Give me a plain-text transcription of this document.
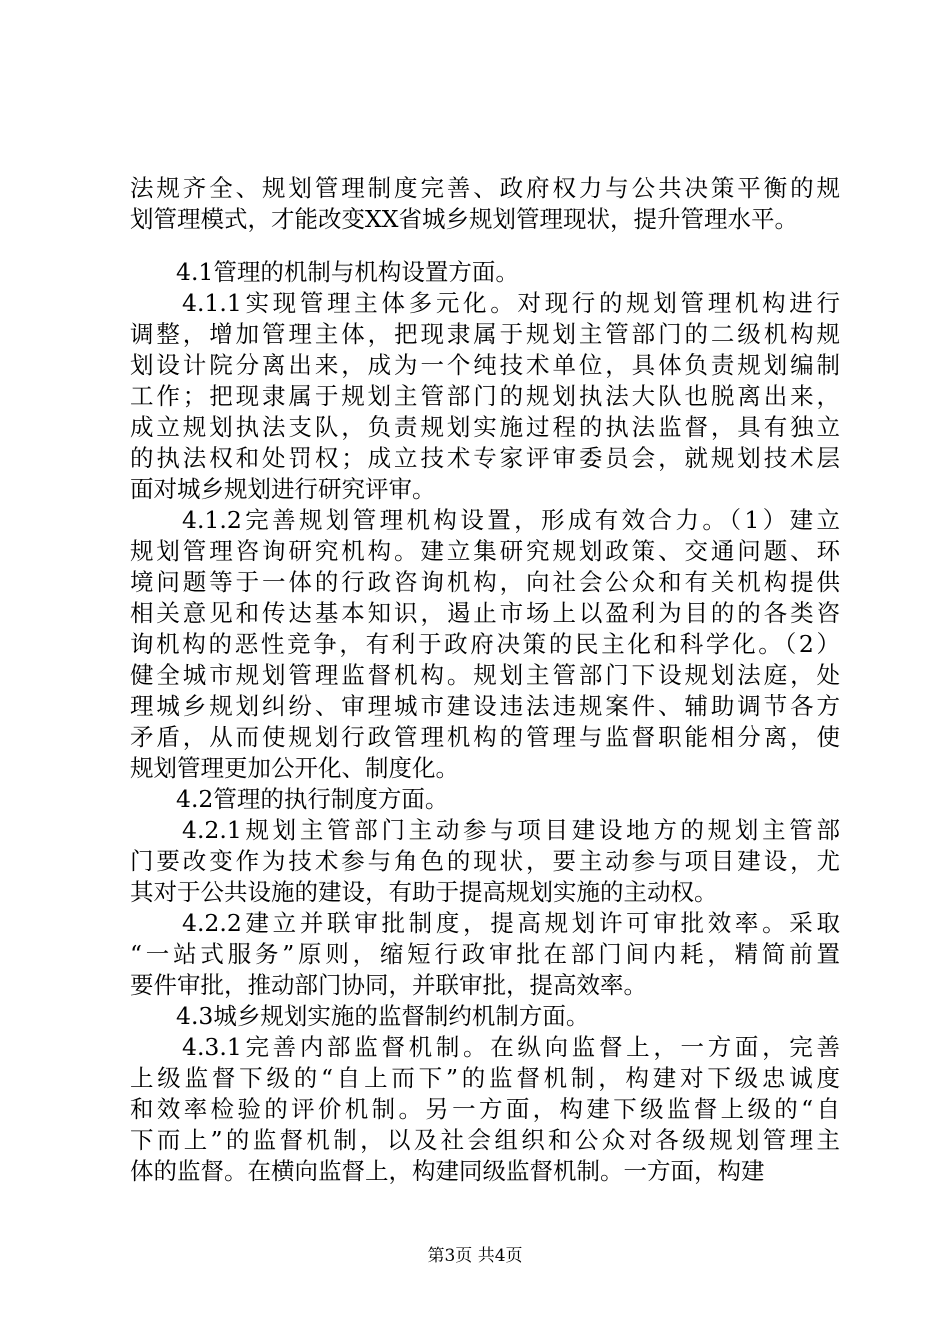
法规齐全、规划管理制度完善、政府权力与公共决策平衡的规
划管理模式，才能改变XX省城乡规划管理现状，提升管理水平。
4.1管理的机制与机构设置方面。
4.1.1实现管理主体多元化。对现行的规划管理机构进行
调整，增加管理主体，把现隶属于规划主管部门的二级机构规
划设计院分离出来，成为一个纯技术单位，具体负责规划编制
工作；把现隶属于规划主管部门的规划执法大队也脱离出来，
成立规划执法支队，负责规划实施过程的执法监督，具有独立
的执法权和处罚权；成立技术专家评审委员会，就规划技术层
面对城乡规划进行研究评审。
4.1.2完善规划管理机构设置，形成有效合力。（1）建立
规划管理咨询研究机构。建立集研究规划政策、交通问题、环
境问题等于一体的行政咨询机构，向社会公众和有关机构提供
相关意见和传达基本知识，遏止市场上以盈利为目的的各类咨
询机构的恶性竞争，有利于政府决策的民主化和科学化。（2）
健全城市规划管理监督机构。规划主管部门下设规划法庭，处
理城乡规划纠纷、审理城市建设违法违规案件、辅助调节各方
矛盾，从而使规划行政管理机构的管理与监督职能相分离，使
规划管理更加公开化、制度化。
4.2管理的执行制度方面。
4.2.1规划主管部门主动参与项目建设地方的规划主管部
门要改变作为技术参与角色的现状，要主动参与项目建设，尤
其对于公共设施的建设，有助于提高规划实施的主动权。
4.2.2建立并联审批制度，提高规划许可审批效率。采取
“一站式服务”原则，缩短行政审批在部门间内耗，精简前置
要件审批，推动部门协同，并联审批，提高效率。
4.3城乡规划实施的监督制约机制方面。
4.3.1完善内部监督机制。在纵向监督上，一方面，完善
上级监督下级的“自上而下”的监督机制，构建对下级忠诚度
和效率检验的评价机制。另一方面，构建下级监督上级的“自
下而上”的监督机制，以及社会组织和公众对各级规划管理主
体的监督。在横向监督上，构建同级监督机制。一方面，构建
第3页 共4页
